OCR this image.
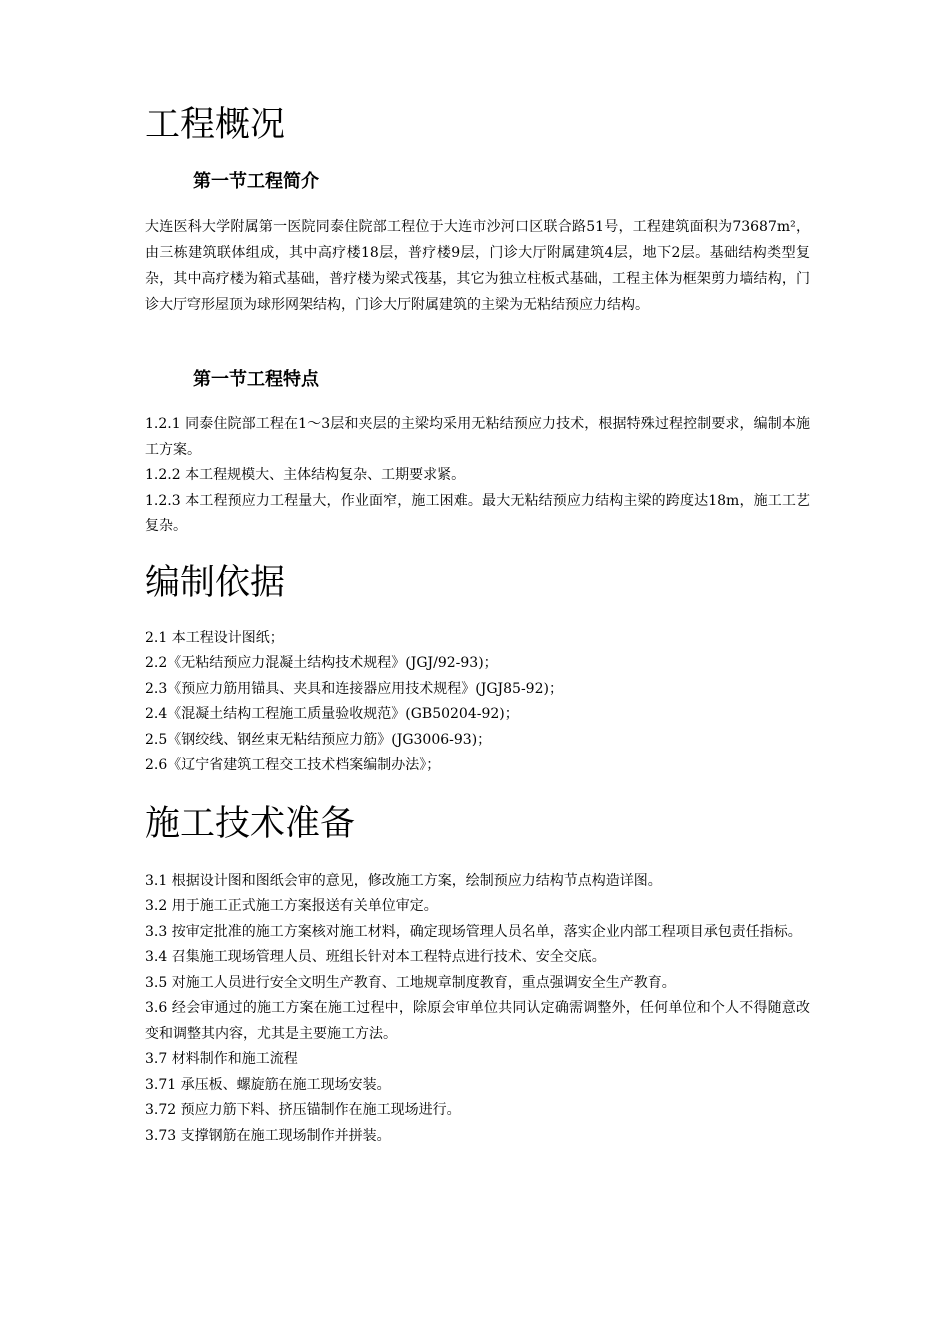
工程概况
第一节工程简介

大连医科大学附属第一医院同泰住院部工程位于大连市沙河口区联合路51号，工程建筑面积为73687m²，由三栋建筑联体组成，其中高疗楼18层，普疗楼9层，门诊大厅附属建筑4层，地下2层。基础结构类型复杂，其中高疗楼为箱式基础，普疗楼为梁式筏基，其它为独立柱板式基础，工程主体为框架剪力墙结构，门诊大厅穹形屋顶为球形网架结构，门诊大厅附属建筑的主梁为无粘结预应力结构。

第一节工程特点

1.2.1 同泰住院部工程在1～3层和夹层的主梁均采用无粘结预应力技术，根据特殊过程控制要求，编制本施工方案。

1.2.2 本工程规模大、主体结构复杂、工期要求紧。

1.2.3 本工程预应力工程量大，作业面窄，施工困难。最大无粘结预应力结构主梁的跨度达18m，施工工艺复杂。

编制依据

2.1 本工程设计图纸；

2.2《无粘结预应力混凝土结构技术规程》(JGJ/92-93)；

2.3《预应力筋用锚具、夹具和连接器应用技术规程》(JGJ85-92)；

2.4《混凝土结构工程施工质量验收规范》(GB50204-92)；

2.5《钢绞线、钢丝束无粘结预应力筋》(JG3006-93)；

2.6《辽宁省建筑工程交工技术档案编制办法》；

施工技术准备

3.1 根据设计图和图纸会审的意见，修改施工方案，绘制预应力结构节点构造详图。

3.2 用于施工正式施工方案报送有关单位审定。

3.3 按审定批准的施工方案核对施工材料，确定现场管理人员名单，落实企业内部工程项目承包责任指标。

3.4 召集施工现场管理人员、班组长针对本工程特点进行技术、安全交底。

3.5 对施工人员进行安全文明生产教育、工地规章制度教育，重点强调安全生产教育。

3.6 经会审通过的施工方案在施工过程中，除原会审单位共同认定确需调整外，任何单位和个人不得随意改变和调整其内容，尤其是主要施工方法。

3.7 材料制作和施工流程

3.71 承压板、螺旋筋在施工现场安装。

3.72 预应力筋下料、挤压锚制作在施工现场进行。

3.73 支撑钢筋在施工现场制作并拼装。
